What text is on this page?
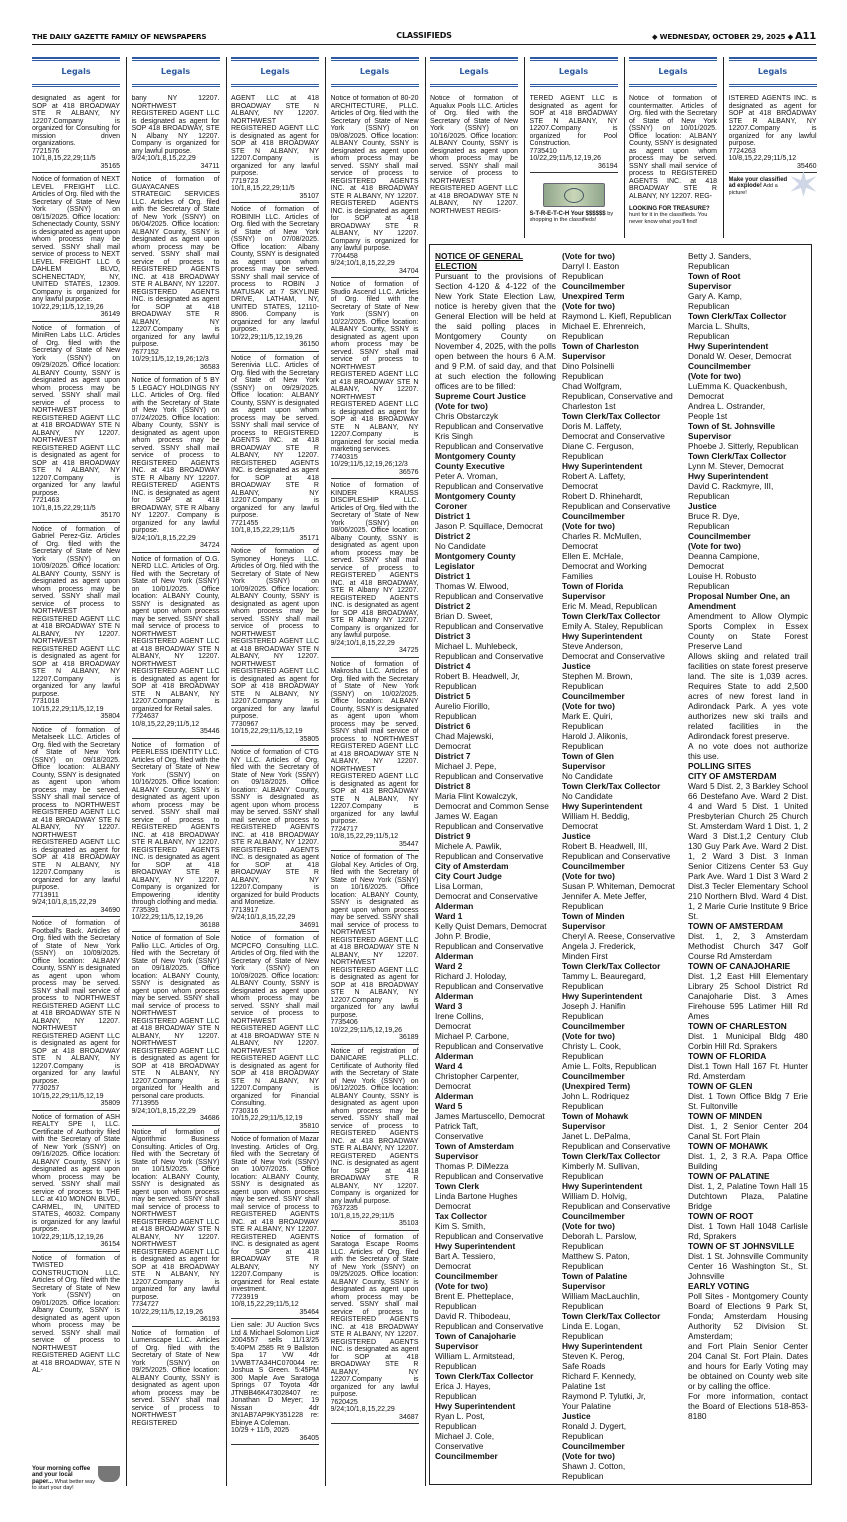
THE DAILY GAZETTE FAMILY OF NEWSPAPERS	CLASSIFIEDS	◆ WEDNESDAY, OCTOBER 29, 2025 ◆ A11
Legals
Your morning coffee and your local paper... What better way to start your day!

designated as agent for SOP at 418 BROADWAY STE R ALBANY, NY 12207.Company is organized for Consulting for mission driven organizations.

7721576

10/1,8,15,22,29;11/5

35165

Notice of formation of NEXT LEVEL FREIGHT LLC. Articles of Org. filed with the Secretary of State of New York (SSNY) on 08/15/2025. Office location: Schenectady County, SSNY is designated as agent upon whom process may be served. SSNY shall mail service of process to NEXT LEVEL FREIGHT LLC 6 DAHLEM BLVD, SCHENECTADY, NY, UNITED STATES, 12309. Company is organized for any lawful purpose.

10/22,29;11/5,12,19,26

36149

Notice of formation of MiniRen Labs LLC. Articles of Org. filed with the Secretary of State of New York (SSNY) on 09/29/2025. Office location: ALBANY County, SSNY is designated as agent upon whom process may be served. SSNY shall mail service of process to NORTHWEST REGISTERED AGENT LLC at 418 BROADWAY STE N ALBANY, NY 12207. NORTHWEST REGISTERED AGENT LLC is designated as agent for SOP at 418 BROADWAY STE N ALBANY, NY 12207.Company is organized for any lawful purpose.

7721463

10/1,8,15,22,29;11/5

35170

Notice of formation of Gabriel Perez-Giz. Articles of Org. filed with the Secretary of State of New York (SSNY) on 10/09/2025. Office location: ALBANY County, SSNY is designated as agent upon whom process may be served. SSNY shall mail service of process to NORTHWEST REGISTERED AGENT LLC at 418 BROADWAY STE N ALBANY, NY 12207. NORTHWEST REGISTERED AGENT LLC is designated as agent for SOP at 418 BROADWAY STE N ALBANY, NY 12207.Company is organized for any lawful purpose.

7731018

10/15,22,29;11/5,12,19

35804

Notice of formation of Metalseek LLC. Articles of Org. filed with the Secretary of State of New York (SSNY) on 09/18/2025. Office location: ALBANY County, SSNY is designated as agent upon whom process may be served. SSNY shall mail service of process to NORTHWEST REGISTERED AGENT LLC at 418 BROADWAY STE N ALBANY, NY 12207. NORTHWEST REGISTERED AGENT LLC is designated as agent for SOP at 418 BROADWAY STE N ALBANY, NY 12207.Company is organized for any lawful purpose.

7713911

9/24;10/1,8,15,22,29

34690

Notice of formation of Football's Back. Articles of Org. filed with the Secretary of State of New York (SSNY) on 10/09/2025. Office location: ALBANY County, SSNY is designated as agent upon whom process may be served. SSNY shall mail service of process to NORTHWEST REGISTERED AGENT LLC at 418 BROADWAY STE N ALBANY, NY 12207. NORTHWEST REGISTERED AGENT LLC is designated as agent for SOP at 418 BROADWAY STE N ALBANY, NY 12207.Company is organized for any lawful purpose.

7730257

10/15,22,29;11/5,12,19

35809

Notice of formation of ASH REALTY SPE I, LLC. Certificate of Authority filed with the Secretary of State of New York (SSNY) on 09/16/2025. Office location: ALBANY County, SSNY is designated as agent upon whom process may be served. SSNY shall mail service of process to THE LLC at 410 MONON BLVD., CARMEL, IN, UNITED STATES, 46032. Company is organized for any lawful purpose.

10/22,29;11/5,12,19,26

36154

Notice of formation of TWISTED CONSTRUCTION LLC. Articles of Org. filed with the Secretary of State of New York (SSNY) on 09/01/2025. Office location: Albany County, SSNY is designated as agent upon whom process may be served. SSNY shall mail service of process to NORTHWEST REGISTERED AGENT LLC at 418 BROADWAY, STE N AL-

Legals

bany NY 12207. NORTHWEST REGISTERED AGENT LLC is designated as agent for SOP 418 BROADWAY, STE N Albany NY 12207. Company is organized for any lawful purpose.

9/24;10/1,8,15,22,29

34711

Notice of formation of GUAYACANES STRATEGIC SERVICES LLC. Articles of Org. filed with the Secretary of State of New York (SSNY) on 06/04/2025. Office location: ALBANY County, SSNY is designated as agent upon whom process may be served. SSNY shall mail service of process to REGISTERED AGENTS INC. at 418 BROADWAY STE R ALBANY, NY 12207. REGISTERED AGENTS INC. is designated as agent for SOP at 418 BROADWAY STE R ALBANY, NY 12207.Company is organized for any lawful purpose.

7677152

10/29;11/5,12,19,26;12/3

36583

Notice of formation of 5 BY 5 LEGACY HOLDINGS NY LLC. Articles of Org. filed with the Secretary of State of New York (SSNY) on 07/24/2025. Office location: Albany County, SSNY is designated as agent upon whom process may be served. SSNY shall mail service of process to REGISTERED AGENTS INC. at 418 BROADWAY STE R Albany NY 12207. REGISTERED AGENTS INC. is designated as agent for SOP at 418 BROADWAY, STE R Albany NY 12207. Company is organized for any lawful purpose.

9/24;10/1,8,15,22,29

34724

Notice of formation of O.G. NERD LLC. Articles of Org. filed with the Secretary of State of New York (SSNY) on 10/01/2025. Office location: ALBANY County, SSNY is designated as agent upon whom process may be served. SSNY shall mail service of process to NORTHWEST REGISTERED AGENT LLC at 418 BROADWAY STE N ALBANY, NY 12207. NORTHWEST REGISTERED AGENT LLC is designated as agent for SOP at 418 BROADWAY STE N ALBANY, NY 12207.Company is organized for Retail sales.

7724637

10/8,15,22,29;11/5,12

35446

Notice of formation of PEERLESS IDENTITY LLC. Articles of Org. filed with the Secretary of State of New York (SSNY) on 10/16/2025. Office location: ALBANY County, SSNY is designated as agent upon whom process may be served. SSNY shall mail service of process to REGISTERED AGENTS INC. at 418 BROADWAY STE R ALBANY, NY 12207. REGISTERED AGENTS INC. is designated as agent for SOP at 418 BROADWAY STE R ALBANY, NY 12207. Company is organized for Empowering identity through clothing and media.

7735391

10/22,29;11/5,12,19,26

36188

Notice of formation of Sole Pallio LLC. Articles of Org. filed with the Secretary of State of New York (SSNY) on 09/18/2025. Office location: ALBANY County, SSNY is designated as agent upon whom process may be served. SSNY shall mail service of process to NORTHWEST REGISTERED AGENT LLC at 418 BROADWAY STE N ALBANY, NY 12207. NORTHWEST REGISTERED AGENT LLC is designated as agent for SOP at 418 BROADWAY STE N ALBANY, NY 12207.Company is organized for Health and personal care products.

7713955

9/24;10/1,8,15,22,29

34686

Notice of formation of Algorithmic Business Consulting. Articles of Org. filed with the Secretary of State of New York (SSNY) on 10/15/2025. Office location: ALBANY County, SSNY is designated as agent upon whom process may be served. SSNY shall mail service of process to NORTHWEST REGISTERED AGENT LLC at 418 BROADWAY STE N ALBANY, NY 12207. NORTHWEST REGISTERED AGENT LLC is designated as agent for SOP at 418 BROADWAY STE N ALBANY, NY 12207.Company is organized for any lawful purpose.

7734727

10/22,29;11/5,12,19,26

36193

Notice of formation of Lumenscape LLC. Articles of Org. filed with the Secretary of State of New York (SSNY) on 09/25/2025. Office location: ALBANY County, SSNY is designated as agent upon whom process may be served. SSNY shall mail service of process to NORTHWEST REGISTERED

Legals

AGENT LLC at 418 BROADWAY STE N ALBANY, NY 12207. NORTHWEST REGISTERED AGENT LLC is designated as agent for SOP at 418 BROADWAY STE N ALBANY, NY 12207.Company is organized for any lawful purpose.

7719723

10/1,8,15,22,29;11/5

35107

Notice of formation of ROBINIH LLC. Articles of Org. filed with the Secretary of State of New York (SSNY) on 07/08/2025. Office location: Albany County, SSNY is designated as agent upon whom process may be served. SSNY shall mail service of process to ROBIN J MATUSAK at 7 SKYLINE DRIVE, LATHAM, NY, UNITED STATES, 12110-8906. Company is organized for any lawful purpose.

10/22,29;11/5,12,19,26

36150

Notice of formation of Serenivia LLC. Articles of Org. filed with the Secretary of State of New York (SSNY) on 09/29/2025. Office location: ALBANY County, SSNY is designated as agent upon whom process may be served. SSNY shall mail service of process to REGISTERED AGENTS INC. at 418 BROADWAY STE R ALBANY, NY 12207. REGISTERED AGENTS INC. is designated as agent for SOP at 418 BROADWAY STE R ALBANY, NY 12207.Company is organized for any lawful purpose.

7721455

10/1,8,15,22,29;11/5

35171

Notice of formation of Symoney Honeys LLC. Articles of Org. filed with the Secretary of State of New York (SSNY) on 10/09/2025. Office location: ALBANY County, SSNY is designated as agent upon whom process may be served. SSNY shall mail service of process to NORTHWEST REGISTERED AGENT LLC at 418 BROADWAY STE N ALBANY, NY 12207. NORTHWEST REGISTERED AGENT LLC is designated as agent for SOP at 418 BROADWAY STE N ALBANY, NY 12207.Company is organized for any lawful purpose.

7730967

10/15,22,29;11/5,12,19

35805

Notice of formation of CTG NY LLC. Articles of Org. filed with the Secretary of State of New York (SSNY) on 09/18/2025. Office location: ALBANY County, SSNY is designated as agent upon whom process may be served. SSNY shall mail service of process to REGISTERED AGENTS INC. at 418 BROADWAY STE R ALBANY, NY 12207. REGISTERED AGENTS INC. is designated as agent for SOP at 418 BROADWAY STE R ALBANY, NY 12207.Company is organized for build Products and Monetize.

7713917

9/24;10/1,8,15,22,29

34691

Notice of formation of MCPCFO Consulting LLC. Articles of Org. filed with the Secretary of State of New York (SSNY) on 10/09/2025. Office location: ALBANY County, SSNY is designated as agent upon whom process may be served. SSNY shall mail service of process to NORTHWEST REGISTERED AGENT LLC at 418 BROADWAY STE N ALBANY, NY 12207. NORTHWEST REGISTERED AGENT LLC is designated as agent for SOP at 418 BROADWAY STE N ALBANY, NY 12207.Company is organized for Financial Consulting.

7730316

10/15,22,29;11/5,12,19

35810

Notice of formation of Mazar Investing. Articles of Org. filed with the Secretary of State of New York (SSNY) on 10/07/2025. Office location: ALBANY County, SSNY is designated as agent upon whom process may be served. SSNY shall mail service of process to REGISTERED AGENTS INC. at 418 BROADWAY STE R ALBANY, NY 12207. REGISTERED AGENTS INC. is designated as agent for SOP at 418 BROADWAY STE R ALBANY, NY 12207.Company is organized for Real estate investment.

7723919

10/8,15,22,29;11/5,12

35464

Lien sale: JU Auction Svcs Ltd & Michael Solomon Lic# 2004557 sells 11/13/25 5:40PM 2585 Rt 9 Ballston Spa 17 VW 4dr 1VWBT7A34HC070044 re: Joshua S Green. 5:45PM 300 Maple Ave Saratoga Springs 07 Toyota 4dr JTNBB46K473028407 re: Jonathan D Meyer; 19 Nissan 4dr 3N1AB7AP9KY351228 re: Ebinye A Coleman.

10/29 + 11/5, 2025

36405

Legals

Notice of formation of 80-20 ARCHITECTURE, PLLC. Articles of Org. filed with the Secretary of State of New York (SSNY) on 09/08/2025. Office location: ALBANY County, SSNY is designated as agent upon whom process may be served. SSNY shall mail service of process to REGISTERED AGENTS INC. at 418 BROADWAY STE R ALBANY, NY 12207. REGISTERED AGENTS INC. is designated as agent for SOP at 418 BROADWAY STE R ALBANY, NY 12207. Company is organized for any lawful purpose.

7704458

9/24;10/1,8,15,22,29

34704

Notice of formation of Studio Ascend LLC. Articles of Org. filed with the Secretary of State of New York (SSNY) on 10/22/2025. Office location: ALBANY County, SSNY is designated as agent upon whom process may be served. SSNY shall mail service of process to NORTHWEST REGISTERED AGENT LLC at 418 BROADWAY STE N ALBANY, NY 12207. NORTHWEST REGISTERED AGENT LLC is designated as agent for SOP at 418 BROADWAY STE N ALBANY, NY 12207.Company is organized for social media marketing services.

7740315

10/29;11/5,12,19,26;12/3

36576

Notice of formation of KINDER KRAUSS DISCIPLESHIP LLC. Articles of Org. filed with the Secretary of State of New York (SSNY) on 08/06/2025. Office location: Albany County, SSNY is designated as agent upon whom process may be served. SSNY shall mail service of process to REGISTERED AGENTS INC. at 418 BROADWAY, STE R Albany NY 12207. REGISTERED AGENTS INC. is designated as agent for SOP 418 BROADWAY, STE R Albany NY 12207. Company is organized for any lawful purpose.

9/24;10/1,8,15,22,29

34725

Notice of formation of Makrosha LLC. Articles of Org. filed with the Secretary of State of New York (SSNY) on 10/02/2025. Office location: ALBANY County, SSNY is designated as agent upon whom process may be served. SSNY shall mail service of process to NORTHWEST REGISTERED AGENT LLC at 418 BROADWAY STE N ALBANY, NY 12207. NORTHWEST REGISTERED AGENT LLC is designated as agent for SOP at 418 BROADWAY STE N ALBANY, NY 12207.Company is organized for any lawful purpose.

7724717

10/8,15,22,29;11/5,12

35447

Notice of formation of The Global Key. Articles of Org. filed with the Secretary of State of New York (SSNY) on 10/16/2025. Office location: ALBANY County, SSNY is designated as agent upon whom process may be served. SSNY shall mail service of process to NORTHWEST REGISTERED AGENT LLC at 418 BROADWAY STE N ALBANY, NY 12207. NORTHWEST REGISTERED AGENT LLC is designated as agent for SOP at 418 BROADWAY STE N ALBANY, NY 12207.Company is organized for any lawful purpose.

7735406

10/22,29;11/5,12,19,26

36189

Notice of registration of DANICARE PLLC. Certificate of Authority filed with the Secretary of State of New York (SSNY) on 06/12/2025. Office location: ALBANY County, SSNY is designated as agent upon whom process may be served. SSNY shall mail service of process to REGISTERED AGENTS INC. at 418 BROADWAY STE R ALBANY, NY 12207. REGISTERED AGENTS INC. is designated as agent for SOP at 418 BROADWAY STE R ALBANY, NY 12207. Company is organized for any lawful purpose.

7637235

10/1,8,15,22,29;11/5

35103

Notice of formation of Saratoga Escape Rooms LLC. Articles of Org. filed with the Secretary of State of New York (SSNY) on 09/25/2025. Office location: ALBANY County, SSNY is designated as agent upon whom process may be served. SSNY shall mail service of process to REGISTERED AGENTS INC. at 418 BROADWAY STE R ALBANY, NY 12207. REGISTERED AGENTS INC. is designated as agent for SOP at 418 BROADWAY STE R ALBANY, NY 12207.Company is organized for any lawful purpose.

7620425

9/24;10/1,8,15,22,29

34687

Legals

Notice of formation of Aqualux Pools LLC. Articles of Org. filed with the Secretary of State of New York (SSNY) on 10/16/2025. Office location: ALBANY County, SSNY is designated as agent upon whom process may be served. SSNY shall mail service of process to NORTHWEST REGISTERED AGENT LLC at 418 BROADWAY STE N ALBANY, NY 12207. NORTHWEST REGIS-

Legals

TERED AGENT LLC is designated as agent for SOP at 418 BROADWAY STE N ALBANY, NY 12207.Company is organized for Pool Construction.

7735410

10/22,29;11/5,12,19,26

36194

S-T-R-E-T-C-H Your $$$$$$ by shopping in the classifieds!
Legals

Notice of formation of countermatter. Articles of Org. filed with the Secretary of State of New York (SSNY) on 10/01/2025. Office location: ALBANY County, SSNY is designated as agent upon whom process may be served. SSNY shall mail service of process to REGISTERED AGENTS INC. at 418 BROADWAY STE R ALBANY, NY 12207. REG-

LOOKING FOR TREASURE? hunt for it in the classifieds. You never know what you'll find!
Legals

ISTERED AGENTS INC. is designated as agent for SOP at 418 BROADWAY STE R ALBANY, NY 12207.Company is organized for any lawful purpose.

7724263

10/8,15,22,29;11/5,12

35460

Make your classified ad explode! Add a picture!
NOTICE OF GENERAL ELECTION
Pursuant to the provisions of Section 4-120 & 4-122 of the New York State Election Law, notice is hereby given that the General Election will be held at the said polling places in Montgomery County on November 4, 2025, with the polls open between the hours 6 A.M. and 9 P.M. of said day, and that at such election the following offices are to be filled:
Supreme Court Justice
(Vote for two)
Chris Obstarczyk
Republican and Conservative
Kris Singh
Republican and Conservative
Montgomery County
County Executive
Peter A. Vroman,
Republican and Conservative
Montgomery County
Coroner
District 1
Jason P. Squillace, Democrat
District 2
No Candidate
Montgomery County
Legislator
District 1
Thomas W. Elwood,
Republican and Conservative
District 2
Brian D. Sweet,
Republican and Conservative
District 3
Michael L. Muhlebeck,
Republican and Conservative
District 4
Robert B. Headwell, Jr,
Republican
District 5
Aurelio Fiorillo,
Republican
District 6
Chad Majewski,
Democrat
District 7
Michael J. Pepe,
Republican and Conservative
District 8
Maria Flint Kowalczyk,
Democrat and Common Sense
James W. Eagan
Republican and Conservative
District 9
Michele A. Pawlik,
Republican and Conservative
City of Amsterdam
City Court Judge
Lisa Lorman,
Democrat and Conservative
Alderman
Ward 1
Kelly Quist Demars, Democrat
John P. Brodie,
Republican and Conservative
Alderman
Ward 2
Richard J. Holoday,
Republican and Conservative
Alderman
Ward 3
Irene Collins,
Democrat
Michael P. Carbone,
Republican and Conservative
Alderman
Ward 4
Christopher Carpenter,
Democrat
Alderman
Ward 5
James Martuscello, Democrat
Patrick Taft,
Conservative
Town of Amsterdam
Supervisor
Thomas P. DiMezza
Republican and Conservative
Town Clerk
Linda Bartone Hughes
Democrat
Tax Collector
Kim S. Smith,
Republican and Conservative
Hwy Superintendent
Bart A. Tessiero,
Democrat
Councilmember
(Vote for two)
Brent E. Phetteplace,
Republican
David R. Thibodeau,
Republican and Conservative
Town of Canajoharie
Supervisor
William L. Armitstead,
Republican
Town Clerk/Tax Collector
Erica J. Hayes,
Republican
Hwy Superintendent
Ryan L. Post,
Republican
Michael J. Cole,
Conservative
Councilmember
(Vote for two)
Darryl I. Easton
Republican
Councilmember
Unexpired Term
(Vote for two)
Raymond L. Kiefl, Republican
Michael E. Ehrenreich,
Republican
Town of Charleston
Supervisor
Dino Polsinelli
Republican
Chad Wolfgram,
Republican, Conservative and
Charleston 1st
Town Clerk/Tax Collector
Doris M. Laffety,
Democrat and Conservative
Diane C. Ferguson,
Republican
Hwy Superintendent
Robert A. Laffety,
Democrat
Robert D. Rhinehardt,
Republican and Conservative
Councilmember
(Vote for two)
Charles R. McMullen,
Democrat
Ellen E. McHale,
Democrat and Working
Families
Town of Florida
Supervisor
Eric M. Mead, Republican
Town Clerk/Tax Collector
Emily A. Staley, Republican
Hwy Superintendent
Steve Anderson,
Democrat and Conservative
Justice
Stephen M. Brown,
Republican
Councilmember
(Vote for two)
Mark E. Quiri,
Republican
Harold J. Alikonis,
Republican
Town of Glen
Supervisor
No Candidate
Town Clerk/Tax Collector
No Candidate
Hwy Superintendent
William H. Beddig,
Democrat
Justice
Robert B. Headwell, III,
Republican and Conservative
Councilmember
(Vote for two)
Susan P. Whiteman, Democrat
Jennifer A. Mete Jeffer,
Republican
Town of Minden
Supervisor
Cheryl A. Reese, Conservative
Angela J. Frederick,
Minden First
Town Clerk/Tax Collector
Tammy L. Beauregard,
Republican
Hwy Superintendent
Joseph J. Hanifin
Republican
Councilmember
(Vote for two)
Christy L. Cook,
Republican
Amie L. Folts, Republican
Councilmember
(Unexpired Term)
John L. Rodriquez
Republican
Town of Mohawk
Supervisor
Janet L. DePalma,
Republican and Conservative
Town Clerk/Tax Collector
Kimberly M. Sullivan,
Republican
Hwy Superintendent
William D. Holvig,
Republican and Conservative
Councilmember
(Vote for two)
Deborah L. Parslow,
Republican
Matthew S. Paton,
Republican
Town of Palatine
Supervisor
William MacLauchlin,
Republican
Town Clerk/Tax Collector
Linda E. Logan,
Republican
Hwy Superintendent
Steven K. Perog,
Safe Roads
Richard F. Kennedy,
Palatine 1st
Raymond P. Tylutki, Jr,
Your Palatine
Justice
Ronald J. Dygert,
Republican
Councilmember
(Vote for two)
Shawn J. Cotton,
Republican
Betty J. Sanders,
Republican
Town of Root
Supervisor
Gary A. Kamp,
Republican
Town Clerk/Tax Collector
Marcia L. Shults,
Republican
Hwy Superintendent
Donald W. Oeser, Democrat
Councilmember
(Vote for two)
LuEmma K. Quackenbush,
Democrat
Andrea L. Ostrander,
People 1st
Town of St. Johnsville
Supervisor
Phoebe J. Sitterly, Republican
Town Clerk/Tax Collector
Lynn M. Stever, Democrat
Hwy Superintendent
David C. Rackmyre, III,
Republican
Justice
Bruce R. Dye,
Republican
Councilmember
(Vote for two)
Deanna Campione,
Democrat
Louise H. Robusto
Republican
Proposal Number One, an Amendment
Amendment to Allow Olympic Sports Complex in Essex County on State Forest Preserve Land
Allows skiing and related trail facilities on state forest preserve land. The site is 1,039 acres. Requires State to add 2,500 acres of new forest land in Adirondack Park. A yes vote authorizes new ski trails and related facilities in the Adirondack forest preserve.
A no vote does not authorize this use.
POLLING SITES
CITY OF AMSTERDAM
Ward 5 Dist. 2, 3 Barkley School 66 Destefano Ave. Ward 2 Dist. 4 and Ward 5 Dist. 1 United Presbyterian Church 25 Church St. Amsterdam Ward 1 Dist. 1, 2 Ward 3 Dist.1,2 Century Club 130 Guy Park Ave. Ward 2 Dist. 1, 2 Ward 3 Dist. 3 Inman Senior Citizens Center 53 Guy Park Ave. Ward 1 Dist 3 Ward 2 Dist.3 Tecler Elementary School 210 Northern Blvd. Ward 4 Dist. 1, 2 Marie Curie Institute 9 Brice St.
TOWN OF AMSTERDAM
Dist. 1, 2, 3 Amsterdam Methodist Church 347 Golf Course Rd Amsterdam
TOWN OF CANAJOHARIE
Dist. 1,2 East Hill Elementary Library 25 School District Rd Canajoharie Dist. 3 Ames Firehouse 595 Latimer Hill Rd Ames
TOWN OF CHARLESTON
Dist. 1 Municipal Bldg 480 Corbin Hill Rd. Sprakers
TOWN OF FLORIDA
Dist.1 Town Hall 167 Ft. Hunter Rd. Amsterdam
TOWN OF GLEN
Dist. 1 Town Office Bldg 7 Erie St. Fultonville
TOWN OF MINDEN
Dist. 1, 2 Senior Center 204 Canal St. Fort Plain
TOWN OF MOHAWK
Dist. 1, 2, 3 R.A. Papa Office Building
TOWN OF PALATINE
Dist. 1, 2, Palatine Town Hall 15 Dutchtown Plaza, Palatine Bridge
TOWN OF ROOT
Dist. 1 Town Hall 1048 Carlisle Rd, Sprakers
TOWN OF ST JOHNSVILLE
Dist. 1 St. Johnsville Community Center 16 Washington St., St. Johnsville
EARLY VOTING
Poll Sites - Montgomery County Board of Elections 9 Park St, Fonda; Amsterdam Housing Authority 52 Division St. Amsterdam;
and Fort Plain Senior Center 204 Canal St. Fort Plain. Dates and hours for Early Voting may be obtained on County web site or by calling the office.
For more information, contact the Board of Elections 518-853-8180
